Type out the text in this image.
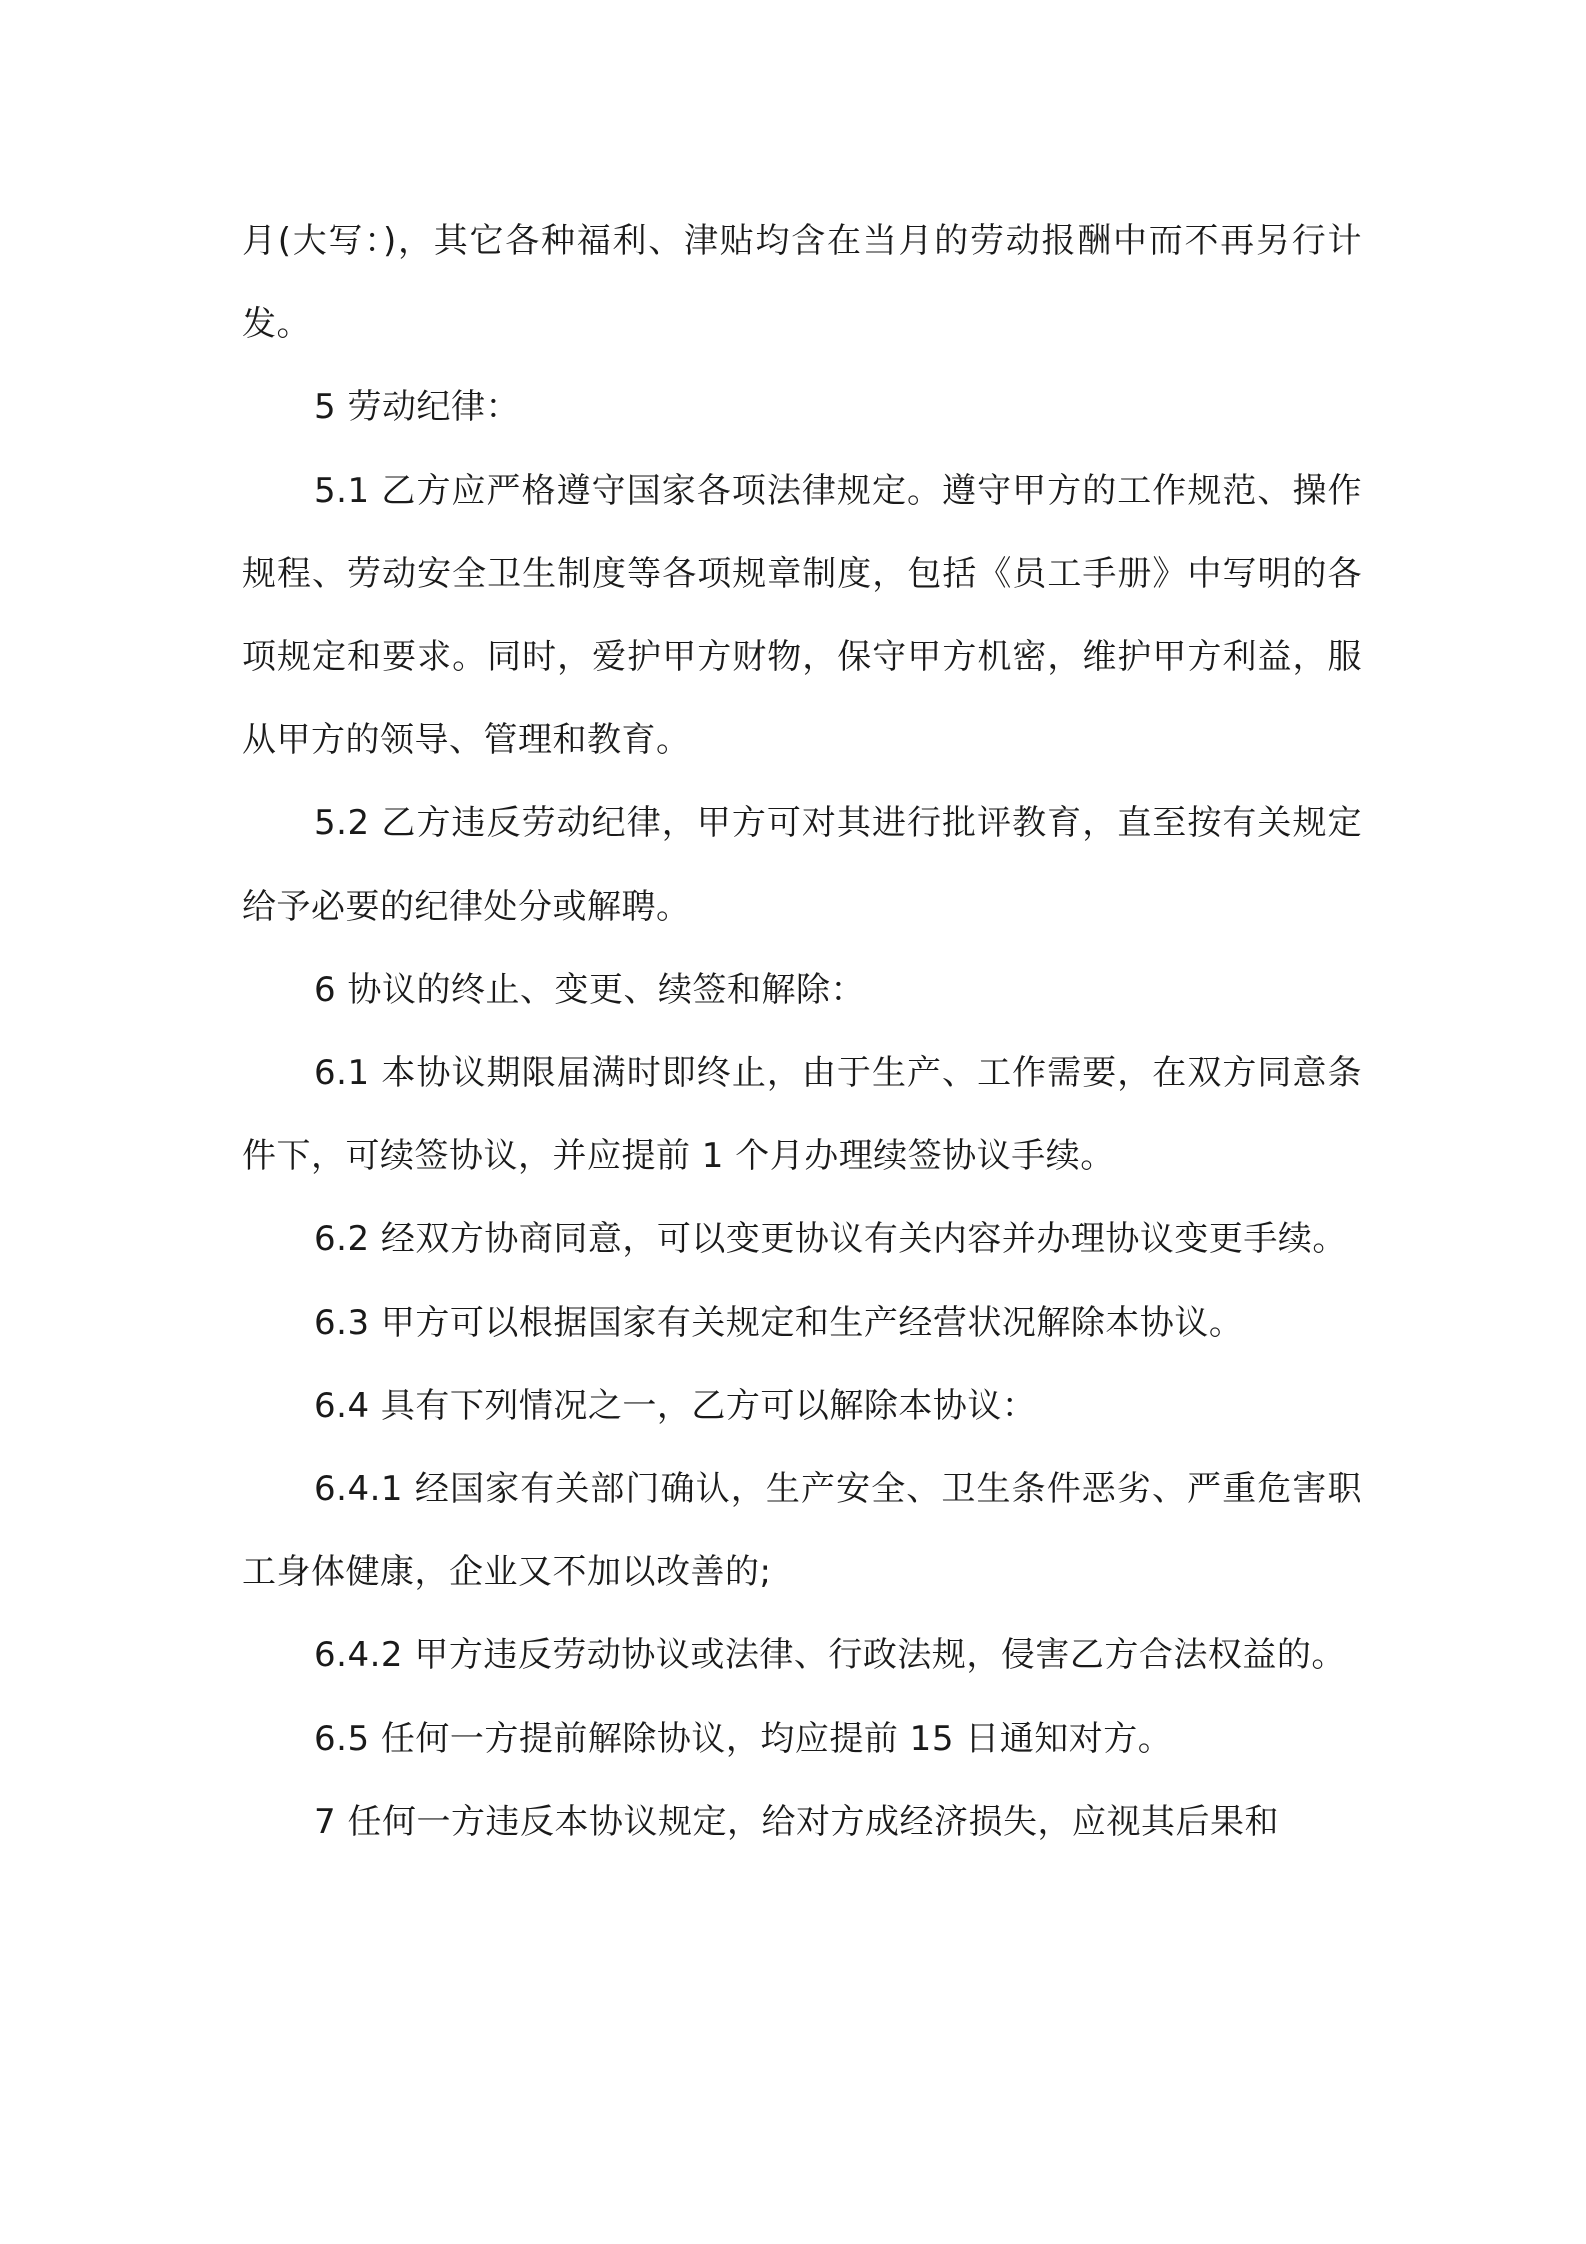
月(大写：)，其它各种福利、津贴均含在当月的劳动报酬中而不再另行计发。

5 劳动纪律：

5.1 乙方应严格遵守国家各项法律规定。遵守甲方的工作规范、操作规程、劳动安全卫生制度等各项规章制度，包括《员工手册》中写明的各项规定和要求。同时，爱护甲方财物，保守甲方机密，维护甲方利益，服从甲方的领导、管理和教育。

5.2 乙方违反劳动纪律，甲方可对其进行批评教育，直至按有关规定给予必要的纪律处分或解聘。

6 协议的终止、变更、续签和解除：

6.1 本协议期限届满时即终止，由于生产、工作需要，在双方同意条件下，可续签协议，并应提前 1 个月办理续签协议手续。

6.2 经双方协商同意，可以变更协议有关内容并办理协议变更手续。

6.3 甲方可以根据国家有关规定和生产经营状况解除本协议。

6.4 具有下列情况之一，乙方可以解除本协议：

6.4.1 经国家有关部门确认，生产安全、卫生条件恶劣、严重危害职工身体健康，企业又不加以改善的;

6.4.2 甲方违反劳动协议或法律、行政法规，侵害乙方合法权益的。

6.5 任何一方提前解除协议，均应提前 15 日通知对方。

7 任何一方违反本协议规定，给对方成经济损失，应视其后果和
